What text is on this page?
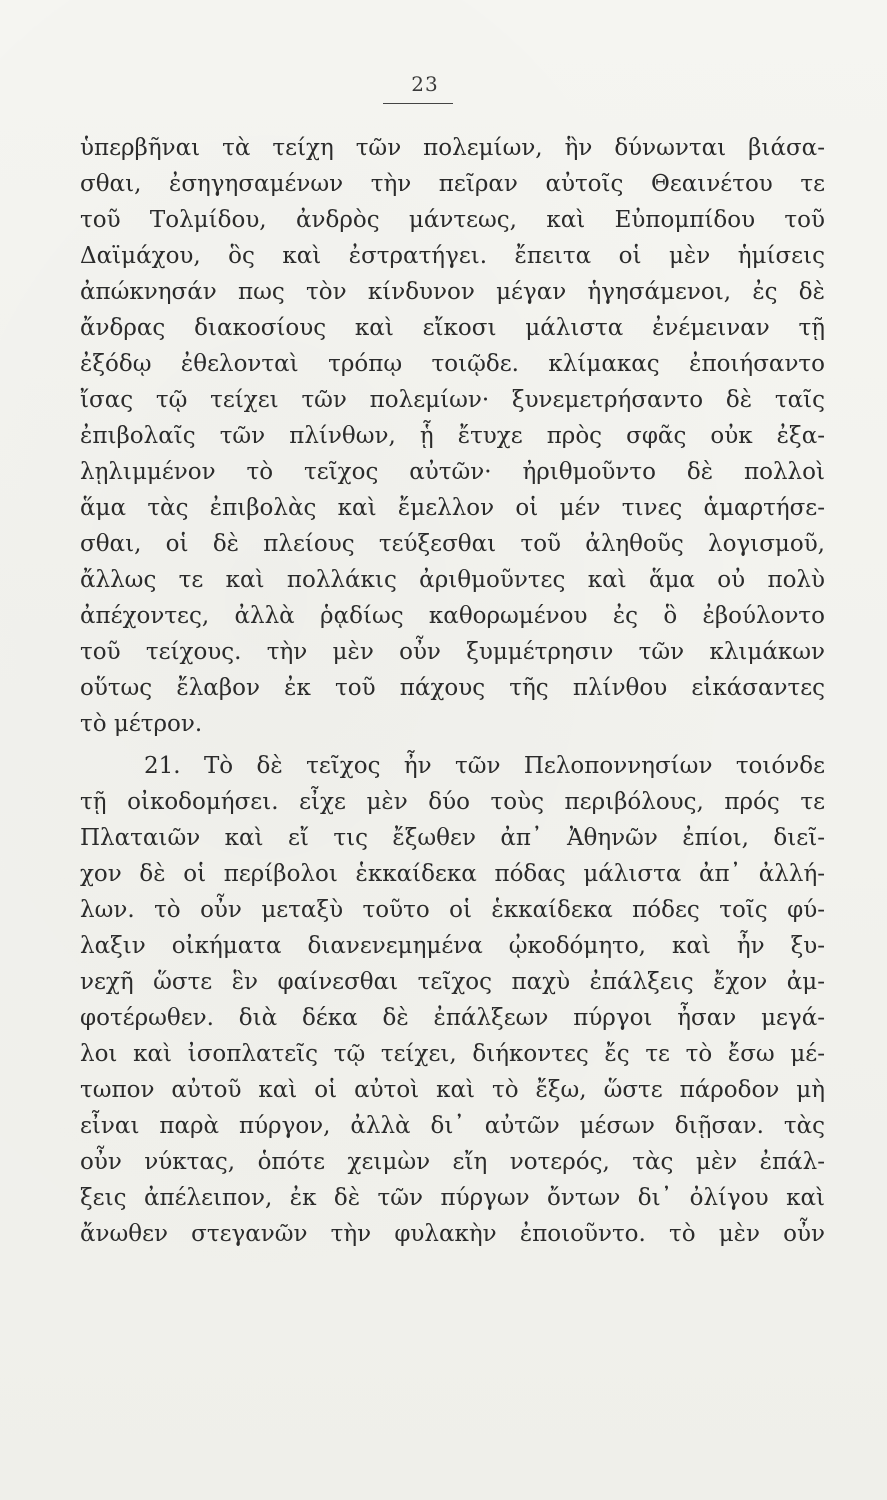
23
ὑπερβῆναι τὰ τείχη τῶν πολεμίων, ἣν δύνωνται βιάσα-
σθαι, ἐσηγησαμένων τὴν πεῖραν αὐτοῖς Θεαινέτου τε
τοῦ Τολμίδου, ἀνδρὸς μάντεως, καὶ Εὐπομπίδου τοῦ
Δαϊμάχου, ὃς καὶ ἐστρατήγει. ἔπειτα οἱ μὲν ἡμίσεις
ἀπώκνησάν πως τὸν κίνδυνον μέγαν ἡγησάμενοι, ἐς δὲ
ἄνδρας διακοσίους καὶ εἴκοσι μάλιστα ἐνέμειναν τῇ
ἐξόδῳ ἐθελονταὶ τρόπῳ τοιῷδε. κλίμακας ἐποιήσαντο
ἴσας τῷ τείχει τῶν πολεμίων· ξυνεμετρήσαντο δὲ ταῖς
ἐπιβολαῖς τῶν πλίνθων, ᾗ ἔτυχε πρὸς σφᾶς οὐκ ἐξα-
λῃλιμμένον τὸ τεῖχος αὐτῶν· ἠριθμοῦντο δὲ πολλοὶ
ἅμα τὰς ἐπιβολὰς καὶ ἔμελλον οἱ μέν τινες ἁμαρτήσε-
σθαι, οἱ δὲ πλείους τεύξεσθαι τοῦ ἀληθοῦς λογισμοῦ,
ἄλλως τε καὶ πολλάκις ἀριθμοῦντες καὶ ἅμα οὐ πολὺ
ἀπέχοντες, ἀλλὰ ῥᾳδίως καθορωμένου ἐς ὃ ἐβούλοντο
τοῦ τείχους. τὴν μὲν οὖν ξυμμέτρησιν τῶν κλιμάκων
οὕτως ἔλαβον ἐκ τοῦ πάχους τῆς πλίνθου εἰκάσαντες
τὸ μέτρον.
21. Τὸ δὲ τεῖχος ἦν τῶν Πελοποννησίων τοιόνδε
τῇ οἰκοδομήσει. εἶχε μὲν δύο τοὺς περιβόλους, πρός τε
Πλαταιῶν καὶ εἴ τις ἔξωθεν ἀπ᾽ Ἀθηνῶν ἐπίοι, διεῖ-
χον δὲ οἱ περίβολοι ἑκκαίδεκα πόδας μάλιστα ἀπ᾽ ἀλλή-
λων. τὸ οὖν μεταξὺ τοῦτο οἱ ἑκκαίδεκα πόδες τοῖς φύ-
λαξιν οἰκήματα διανενεμημένα ᾠκοδόμητο, καὶ ἦν ξυ-
νεχῆ ὥστε ἓν φαίνεσθαι τεῖχος παχὺ ἐπάλξεις ἔχον ἀμ-
φοτέρωθεν. διὰ δέκα δὲ ἐπάλξεων πύργοι ἦσαν μεγά-
λοι καὶ ἰσοπλατεῖς τῷ τείχει, διήκοντες ἔς τε τὸ ἔσω μέ-
τωπον αὐτοῦ καὶ οἱ αὐτοὶ καὶ τὸ ἔξω, ὥστε πάροδον μὴ
εἶναι παρὰ πύργον, ἀλλὰ δι᾽ αὐτῶν μέσων διῇσαν. τὰς
οὖν νύκτας, ὁπότε χειμὼν εἴη νοτερός, τὰς μὲν ἐπάλ-
ξεις ἀπέλειπον, ἐκ δὲ τῶν πύργων ὄντων δι᾽ ὀλίγου καὶ
ἄνωθεν στεγανῶν τὴν φυλακὴν ἐποιοῦντο. τὸ μὲν οὖν
